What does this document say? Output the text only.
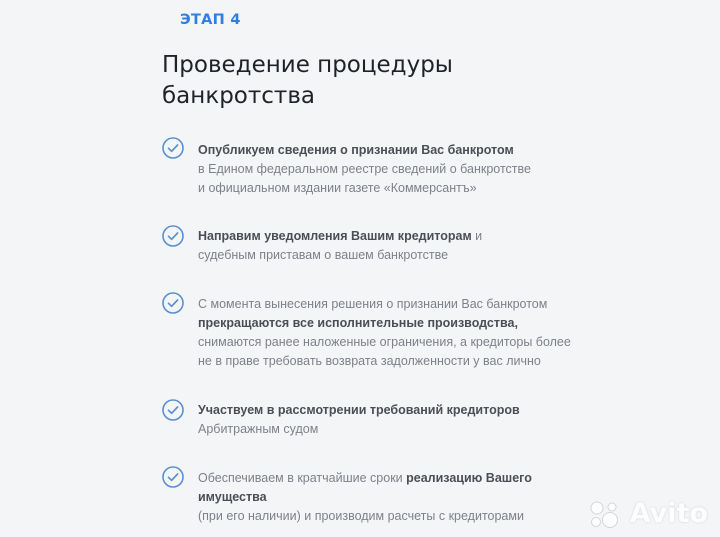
ЭТАП 4
Проведение процедуры
банкротства
Опубликуем сведения о признании Вас банкротом
в Едином федеральном реестре сведений о банкротстве
и официальном издании газете «Коммерсантъ»
Направим уведомления Вашим кредиторам и
судебным приставам о вашем банкротстве
С момента вынесения решения о признании Вас банкротом
прекращаются все исполнительные производства,
снимаются ранее наложенные ограничения, а кредиторы более
не в праве требовать возврата задолженности у вас лично
Участвуем в рассмотрении требований кредиторов
Арбитражным судом
Обеспечиваем в кратчайшие сроки реализацию Вашего
имущества
(при его наличии) и производим расчеты с кредиторами	Avito
